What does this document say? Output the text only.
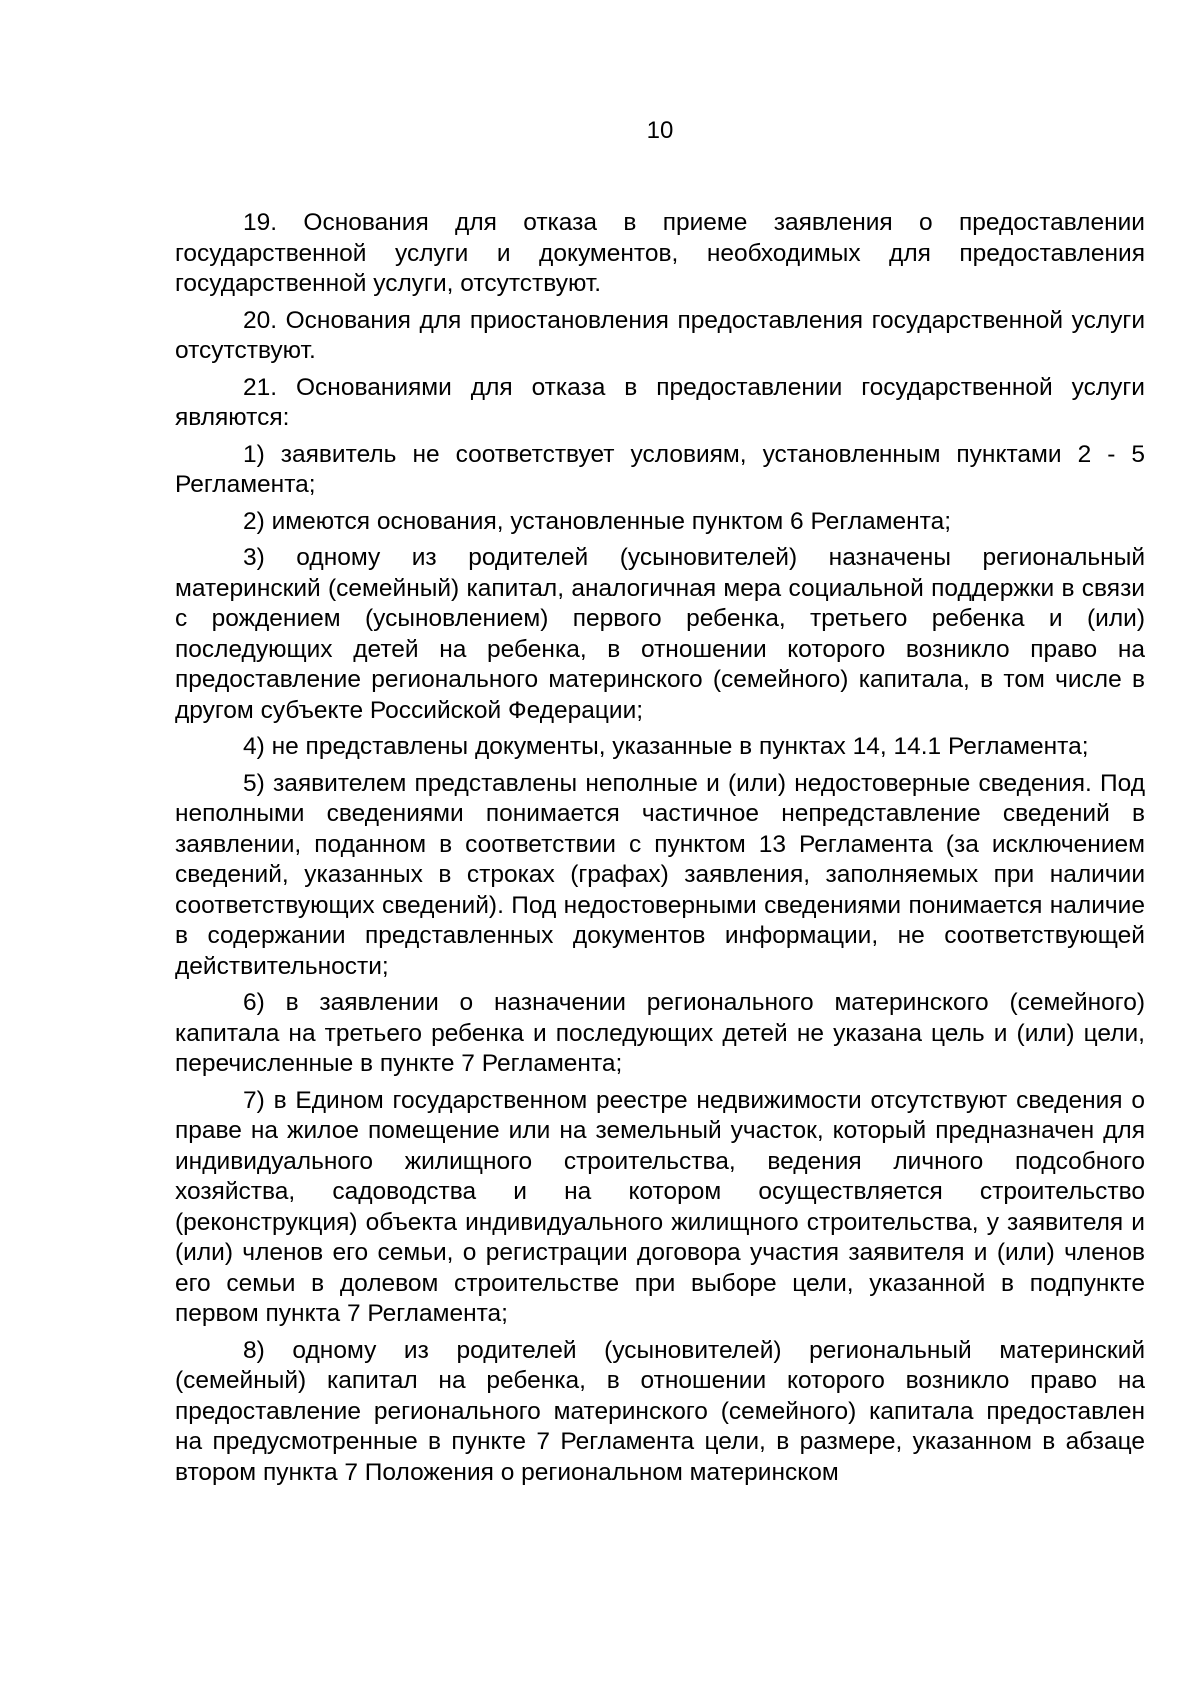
10

19. Основания для отказа в приеме заявления о предоставлении государственной услуги и документов, необходимых для предоставления государственной услуги, отсутствуют.

20. Основания для приостановления предоставления государственной услуги отсутствуют.

21. Основаниями для отказа в предоставлении государственной услуги являются:

1) заявитель не соответствует условиям, установленным пунктами 2 - 5 Регламента;

2) имеются основания, установленные пунктом 6 Регламента;

3) одному из родителей (усыновителей) назначены региональный материнский (семейный) капитал, аналогичная мера социальной поддержки в связи с рождением (усыновлением) первого ребенка, третьего ребенка и (или) последующих детей на ребенка, в отношении которого возникло право на предоставление регионального материнского (семейного) капитала, в том числе в другом субъекте Российской Федерации;

4) не представлены документы, указанные в пунктах 14, 14.1 Регламента;

5) заявителем представлены неполные и (или) недостоверные сведения. Под неполными сведениями понимается частичное непредставление сведений в заявлении, поданном в соответствии с пунктом 13 Регламента (за исключением сведений, указанных в строках (графах) заявления, заполняемых при наличии соответствующих сведений). Под недостоверными сведениями понимается наличие в содержании представленных документов информации, не соответствующей действительности;

6) в заявлении о назначении регионального материнского (семейного) капитала на третьего ребенка и последующих детей не указана цель и (или) цели, перечисленные в пункте 7 Регламента;

7) в Едином государственном реестре недвижимости отсутствуют сведения о праве на жилое помещение или на земельный участок, который предназначен для индивидуального жилищного строительства, ведения личного подсобного хозяйства, садоводства и на котором осуществляется строительство (реконструкция) объекта индивидуального жилищного строительства, у заявителя и (или) членов его семьи, о регистрации договора участия заявителя и (или) членов его семьи в долевом строительстве при выборе цели, указанной в подпункте первом пункта 7 Регламента;

8) одному из родителей (усыновителей) региональный материнский (семейный) капитал на ребенка, в отношении которого возникло право на предоставление регионального материнского (семейного) капитала предоставлен на предусмотренные в пункте 7 Регламента цели, в размере, указанном в абзаце втором пункта 7 Положения о региональном материнском
